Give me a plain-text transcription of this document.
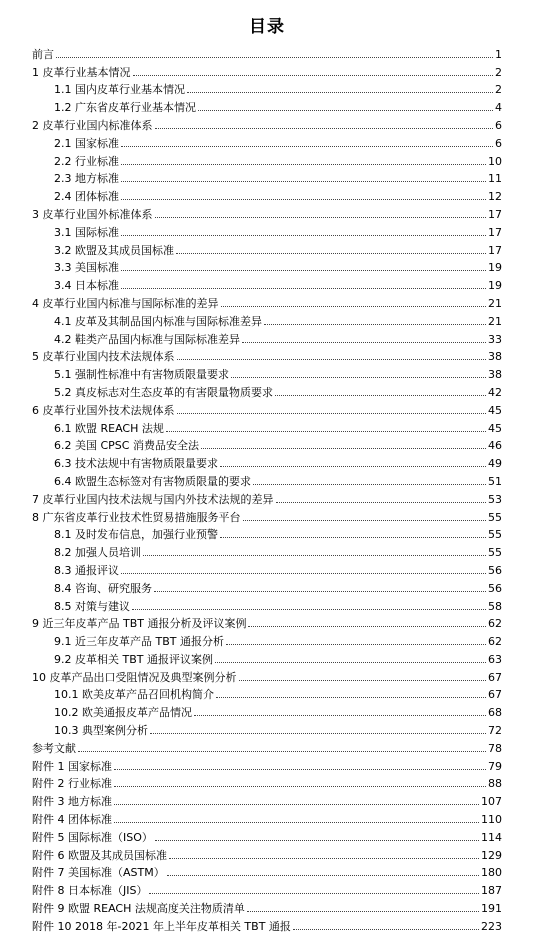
目录
前言	1
1 皮革行业基本情况	2
1.1 国内皮革行业基本情况	2
1.2 广东省皮革行业基本情况	4
2 皮革行业国内标准体系	6
2.1 国家标准	6
2.2 行业标准	10
2.3 地方标准	11
2.4 团体标准	12
3 皮革行业国外标准体系	17
3.1 国际标准	17
3.2 欧盟及其成员国标准	17
3.3 美国标准	19
3.4 日本标准	19
4 皮革行业国内标准与国际标准的差异	21
4.1 皮革及其制品国内标准与国际标准差异	21
4.2 鞋类产品国内标准与国际标准差异	33
5 皮革行业国内技术法规体系	38
5.1 强制性标准中有害物质限量要求	38
5.2 真皮标志对生态皮革的有害限量物质要求	42
6 皮革行业国外技术法规体系	45
6.1 欧盟 REACH 法规	45
6.2 美国 CPSC 消费品安全法	46
6.3 技术法规中有害物质限量要求	49
6.4 欧盟生态标签对有害物质限量的要求	51
7 皮革行业国内技术法规与国内外技术法规的差异	53
8 广东省皮革行业技术性贸易措施服务平台	55
8.1 及时发布信息，加强行业预警	55
8.2 加强人员培训	55
8.3 通报评议	56
8.4 咨询、研究服务	56
8.5 对策与建议	58
9 近三年皮革产品 TBT 通报分析及评议案例	62
9.1 近三年皮革产品 TBT 通报分析	62
9.2 皮革相关 TBT 通报评议案例	63
10 皮革产品出口受阻情况及典型案例分析	67
10.1 欧美皮革产品召回机构简介	67
10.2 欧美通报皮革产品情况	68
10.3 典型案例分析	72
参考文献	78
附件 1 国家标准	79
附件 2 行业标准	88
附件 3 地方标准	107
附件 4 团体标准	110
附件 5 国际标准（ISO）	114
附件 6 欧盟及其成员国标准	129
附件 7 美国标准（ASTM）	180
附件 8 日本标准（JIS）	187
附件 9 欧盟 REACH 法规高度关注物质清单	191
附件 10 2018 年-2021 年上半年皮革相关 TBT 通报	223
